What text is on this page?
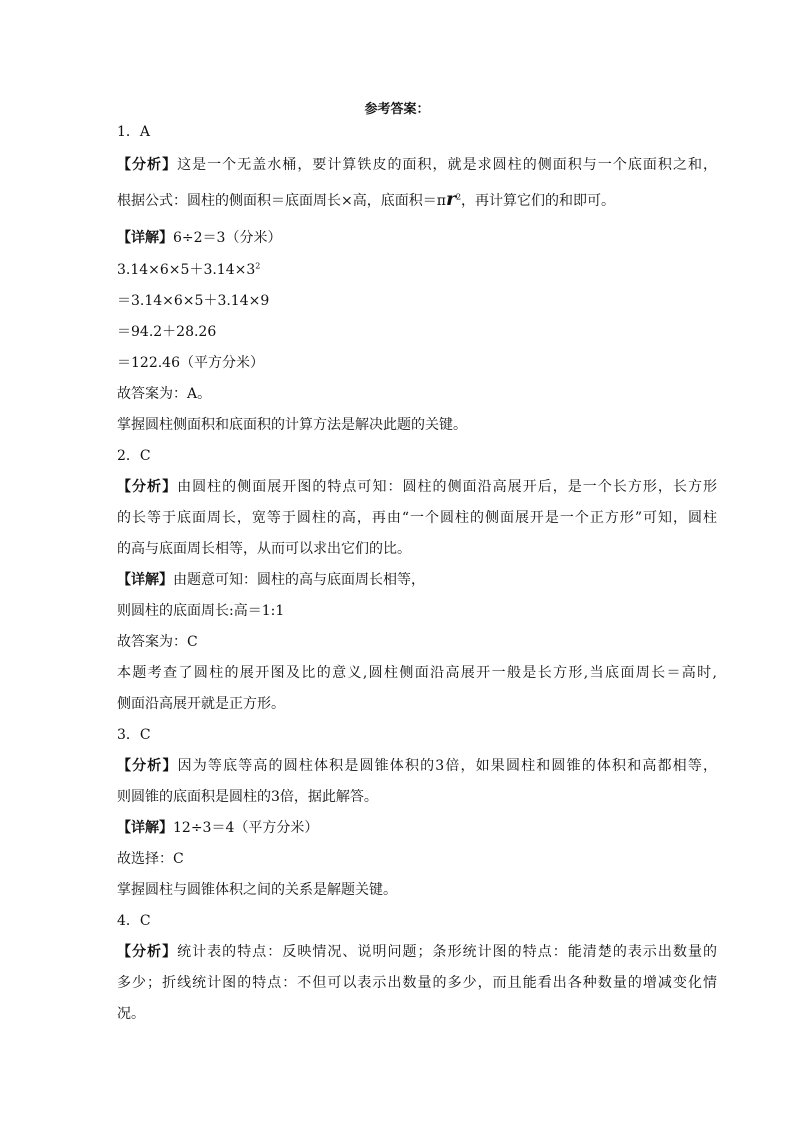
参考答案：
1．A
【分析】这是一个无盖水桶，要计算铁皮的面积，就是求圆柱的侧面积与一个底面积之和，
根据公式：圆柱的侧面积＝底面周长×高，底面积$=\pi r^2$，再计算它们的和即可。
【详解】6÷2＝3（分米）
$3.14\times 6\times 5+3.14\times 3^2$
＝3.14×6×5＋3.14×9
＝94.2＋28.26
＝122.46（平方分米）
故答案为：A。
掌握圆柱侧面积和底面积的计算方法是解决此题的关键。
2．C
【分析】由圆柱的侧面展开图的特点可知：圆柱的侧面沿高展开后，是一个长方形，长方形
的长等于底面周长，宽等于圆柱的高，再由“一个圆柱的侧面展开是一个正方形”可知，圆柱
的高与底面周长相等，从而可以求出它们的比。
【详解】由题意可知：圆柱的高与底面周长相等，
则圆柱的底面周长:高＝1:1
故答案为：C
本题考查了圆柱的展开图及比的意义,圆柱侧面沿高展开一般是长方形,当底面周长＝高时,
侧面沿高展开就是正方形。
3．C
【分析】因为等底等高的圆柱体积是圆锥体积的3倍，如果圆柱和圆锥的体积和高都相等，
则圆锥的底面积是圆柱的3倍，据此解答。
【详解】12÷3＝4（平方分米）
故选择：C
掌握圆柱与圆锥体积之间的关系是解题关键。
4．C
【分析】统计表的特点：反映情况、说明问题；条形统计图的特点：能清楚的表示出数量的
多少；折线统计图的特点：不但可以表示出数量的多少，而且能看出各种数量的增减变化情
况。
